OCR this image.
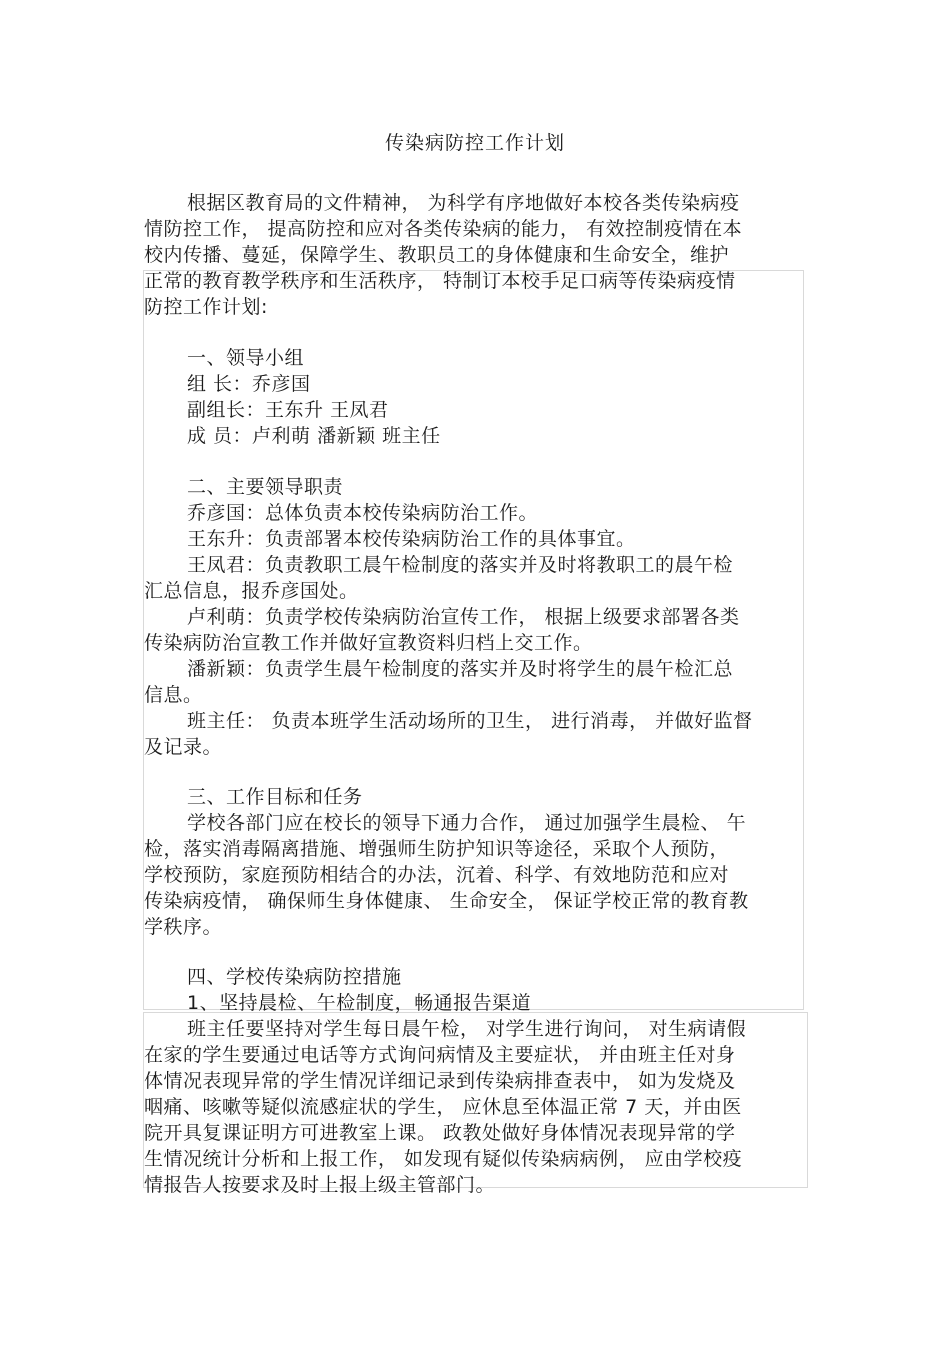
传染病防控工作计划
根据区教育局的文件精神， 为科学有序地做好本校各类传染病疫
情防控工作， 提高防控和应对各类传染病的能力， 有效控制疫情在本
校内传播、蔓延，保障学生、教职员工的身体健康和生命安全，维护
正常的教育教学秩序和生活秩序， 特制订本校手足口病等传染病疫情
防控工作计划:
一、领导小组
组 长：乔彦国
副组长：王东升 王凤君
成 员：卢利萌 潘新颖 班主任
二、主要领导职责
乔彦国：总体负责本校传染病防治工作。
王东升：负责部署本校传染病防治工作的具体事宜。
王凤君：负责教职工晨午检制度的落实并及时将教职工的晨午检
汇总信息，报乔彦国处。
卢利萌：负责学校传染病防治宣传工作， 根据上级要求部署各类
传染病防治宣教工作并做好宣教资料归档上交工作。
潘新颖：负责学生晨午检制度的落实并及时将学生的晨午检汇总
信息。
班主任： 负责本班学生活动场所的卫生， 进行消毒， 并做好监督
及记录。
三、工作目标和任务
学校各部门应在校长的领导下通力合作， 通过加强学生晨检、 午
检，落实消毒隔离措施、增强师生防护知识等途径，采取个人预防，
学校预防，家庭预防相结合的办法，沉着、科学、有效地防范和应对
传染病疫情， 确保师生身体健康、 生命安全， 保证学校正常的教育教
学秩序。
四、学校传染病防控措施
1、坚持晨检、午检制度，畅通报告渠道
班主任要坚持对学生每日晨午检， 对学生进行询问， 对生病请假
在家的学生要通过电话等方式询问病情及主要症状， 并由班主任对身
体情况表现异常的学生情况详细记录到传染病排查表中， 如为发烧及
咽痛、咳嗽等疑似流感症状的学生， 应休息至体温正常 7 天，并由医
院开具复课证明方可进教室上课。 政教处做好身体情况表现异常的学
生情况统计分析和上报工作， 如发现有疑似传染病病例， 应由学校疫
情报告人按要求及时上报上级主管部门。
